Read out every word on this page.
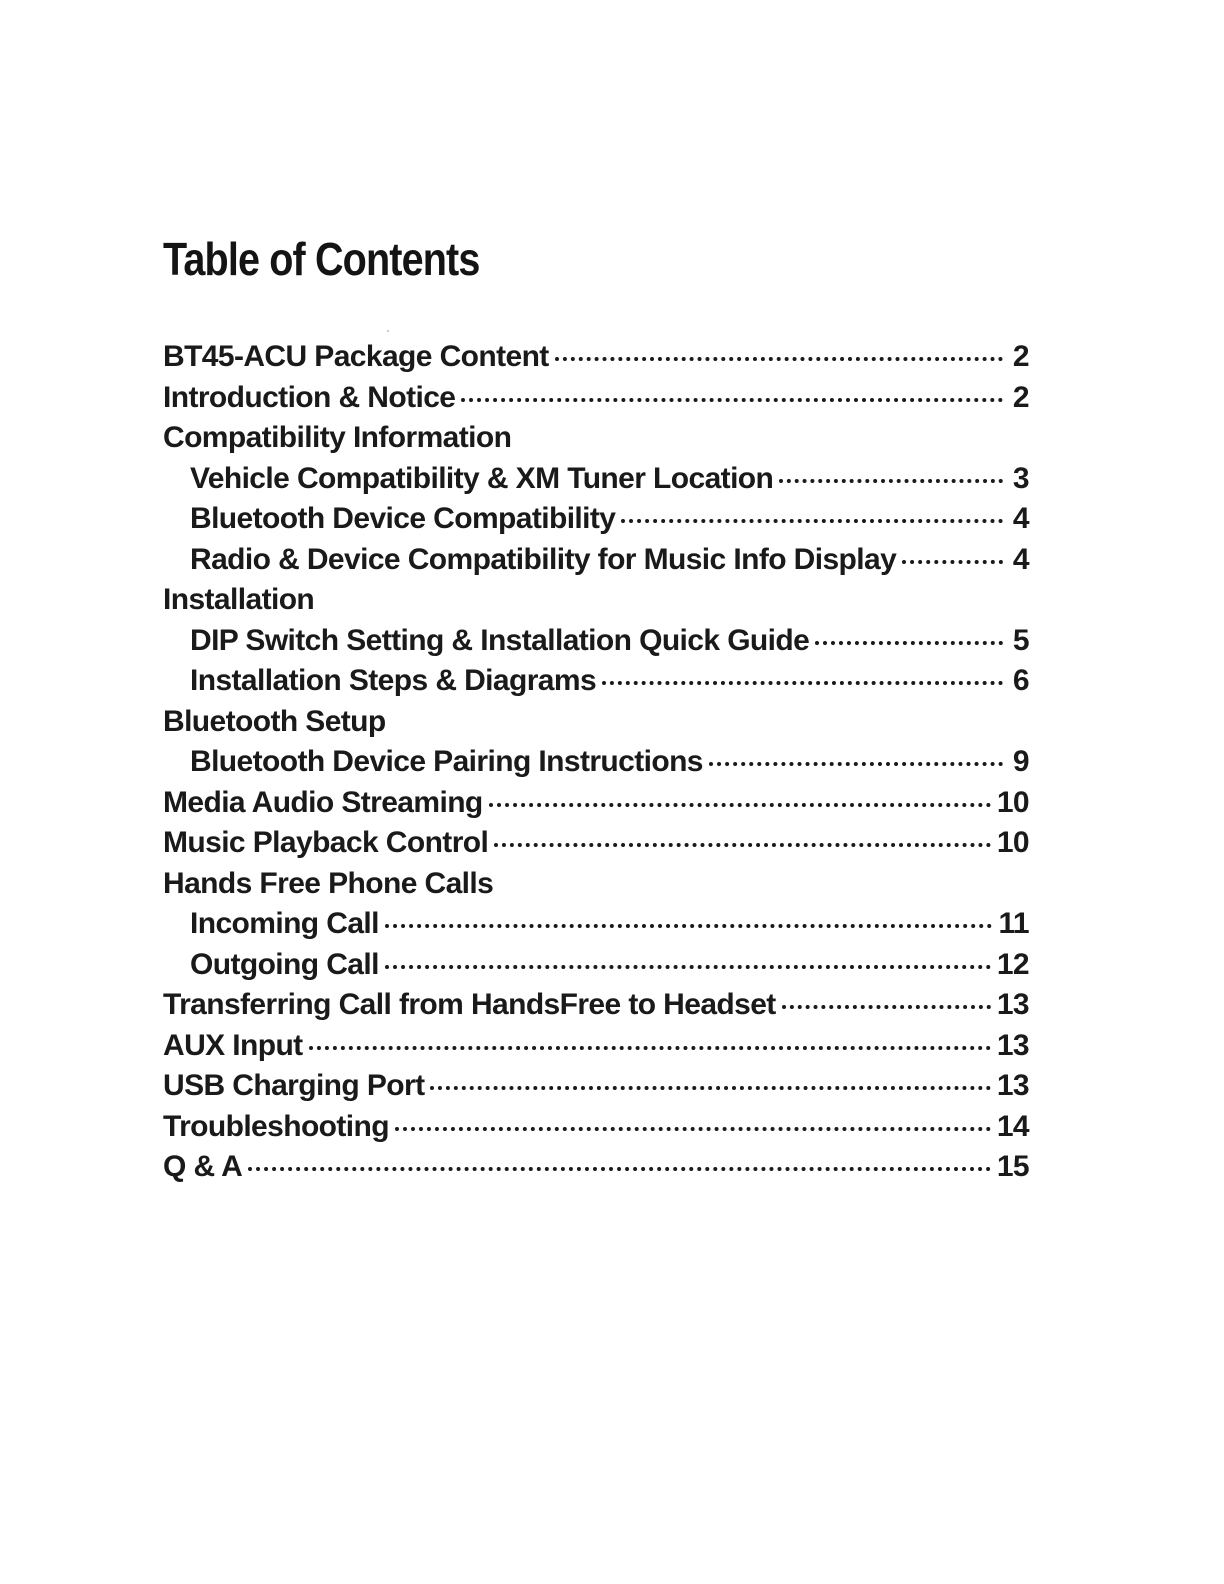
Table of Contents
BT45-ACU Package Content	2
Introduction & Notice	2
Compatibility Information
Vehicle Compatibility & XM Tuner Location	3
Bluetooth Device Compatibility	4
Radio & Device Compatibility for Music Info Display	4
Installation
DIP Switch Setting & Installation Quick Guide	5
Installation Steps & Diagrams	6
Bluetooth Setup
Bluetooth Device Pairing Instructions	9
Media Audio Streaming	10
Music Playback Control	10
Hands Free Phone Calls
Incoming Call	11
Outgoing Call	12
Transferring Call from HandsFree to Headset	13
AUX Input	13
USB Charging Port	13
Troubleshooting	14
Q & A	15
